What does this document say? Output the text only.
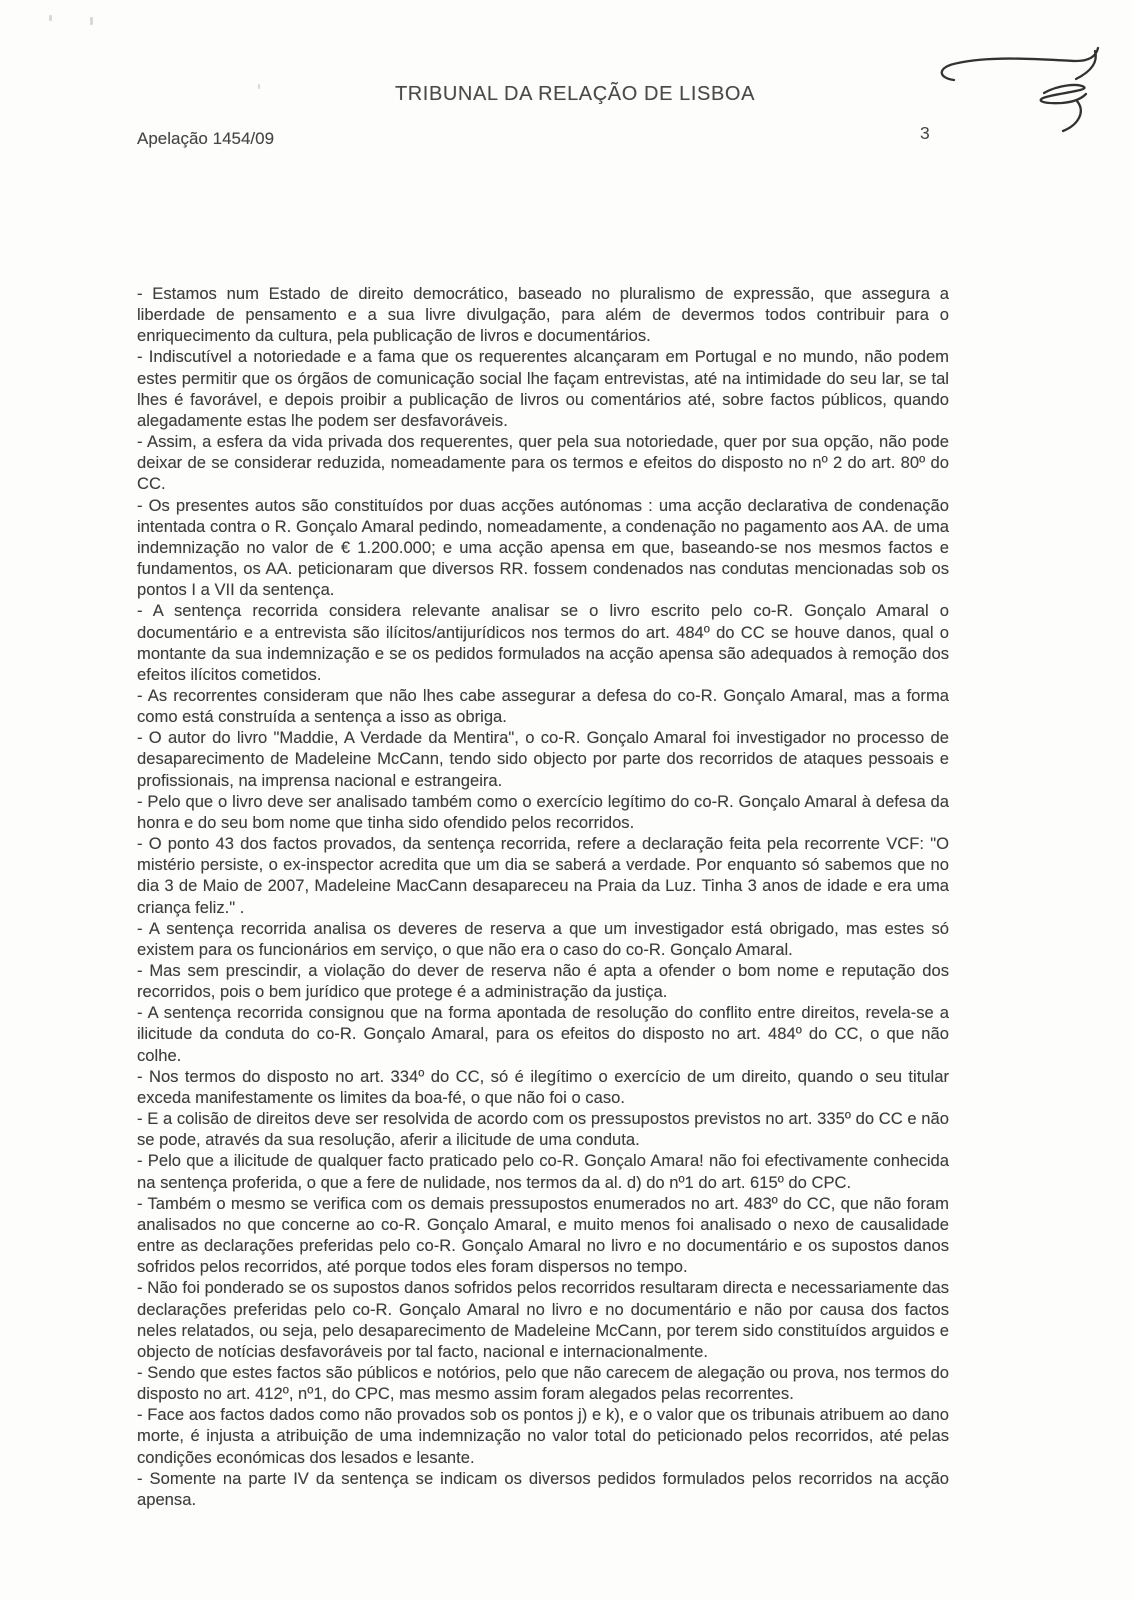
TRIBUNAL DA RELAÇÃO DE LISBOA
Apelação 1454/09	3

- Estamos num Estado de direito democrático, baseado no pluralismo de expressão, que assegura a liberdade de pensamento e a sua livre divulgação, para além de devermos todos contribuir para o enriquecimento da cultura, pela publicação de livros e documentários.

- Indiscutível a notoriedade e a fama que os requerentes alcançaram em Portugal e no mundo, não podem estes permitir que os órgãos de comunicação social lhe façam entrevistas, até na intimidade do seu lar, se tal lhes é favorável, e depois proibir a publicação de livros ou comentários até, sobre factos públicos, quando alegadamente estas lhe podem ser desfavoráveis.

- Assim, a esfera da vida privada dos requerentes, quer pela sua notoriedade, quer por sua opção, não pode deixar de se considerar reduzida, nomeadamente para os termos e efeitos do disposto no nº 2 do art. 80º do CC.

- Os presentes autos são constituídos por duas acções autónomas : uma acção declarativa de condenação intentada contra o R. Gonçalo Amaral pedindo, nomeadamente, a condenação no pagamento aos AA. de uma indemnização no valor de € 1.200.000; e uma acção apensa em que, baseando-se nos mesmos factos e fundamentos, os AA. peticionaram que diversos RR. fossem condenados nas condutas mencionadas sob os pontos I a VII da sentença.

- A sentença recorrida considera relevante analisar se o livro escrito pelo co-R. Gonçalo Amaral o documentário e a entrevista são ilícitos/antijurídicos nos termos do art. 484º do CC se houve danos, qual o montante da sua indemnização e se os pedidos formulados na acção apensa são adequados à remoção dos efeitos ilícitos cometidos.

- As recorrentes consideram que não lhes cabe assegurar a defesa do co-R. Gonçalo Amaral, mas a forma como está construída a sentença a isso as obriga.

- O autor do livro "Maddie, A Verdade da Mentira", o co-R. Gonçalo Amaral foi investigador no processo de desaparecimento de Madeleine McCann, tendo sido objecto por parte dos recorridos de ataques pessoais e profissionais, na imprensa nacional e estrangeira.

- Pelo que o livro deve ser analisado também como o exercício legítimo do co-R. Gonçalo Amaral à defesa da honra e do seu bom nome que tinha sido ofendido pelos recorridos.

- O ponto 43 dos factos provados, da sentença recorrida, refere a declaração feita pela recorrente VCF: "O mistério persiste, o ex-inspector acredita que um dia se saberá a verdade. Por enquanto só sabemos que no dia 3 de Maio de 2007, Madeleine MacCann desapareceu na Praia da Luz. Tinha 3 anos de idade e era uma criança feliz." .

- A sentença recorrida analisa os deveres de reserva a que um investigador está obrigado, mas estes só existem para os funcionários em serviço, o que não era o caso do co-R. Gonçalo Amaral.

- Mas sem prescindir, a violação do dever de reserva não é apta a ofender o bom nome e reputação dos recorridos, pois o bem jurídico que protege é a administração da justiça.

- A sentença recorrida consignou que na forma apontada de resolução do conflito entre direitos, revela-se a ilicitude da conduta do co-R. Gonçalo Amaral, para os efeitos do disposto no art. 484º do CC, o que não colhe.

- Nos termos do disposto no art. 334º do CC, só é ilegítimo o exercício de um direito, quando o seu titular exceda manifestamente os limites da boa-fé, o que não foi o caso.

- E a colisão de direitos deve ser resolvida de acordo com os pressupostos previstos no art. 335º do CC e não se pode, através da sua resolução, aferir a ilicitude de uma conduta.

- Pelo que a ilicitude de qualquer facto praticado pelo co-R. Gonçalo Amara! não foi efectivamente conhecida na sentença proferida, o que a fere de nulidade, nos termos da al. d) do nº1 do art. 615º do CPC.

- Também o mesmo se verifica com os demais pressupostos enumerados no art. 483º do CC, que não foram analisados no que concerne ao co-R. Gonçalo Amaral, e muito menos foi analisado o nexo de causalidade entre as declarações preferidas pelo co-R. Gonçalo Amaral no livro e no documentário e os supostos danos sofridos pelos recorridos, até porque todos eles foram dispersos no tempo.

- Não foi ponderado se os supostos danos sofridos pelos recorridos resultaram directa e necessariamente das declarações preferidas pelo co-R. Gonçalo Amaral no livro e no documentário e não por causa dos factos neles relatados, ou seja, pelo desaparecimento de Madeleine McCann, por terem sido constituídos arguidos e objecto de notícias desfavoráveis por tal facto, nacional e internacionalmente.

- Sendo que estes factos são públicos e notórios, pelo que não carecem de alegação ou prova, nos termos do disposto no art. 412º, nº1, do CPC, mas mesmo assim foram alegados pelas recorrentes.

- Face aos factos dados como não provados sob os pontos j) e k), e o valor que os tribunais atribuem ao dano morte, é injusta a atribuição de uma indemnização no valor total do peticionado pelos recorridos, até pelas condições económicas dos lesados e lesante.

- Somente na parte IV da sentença se indicam os diversos pedidos formulados pelos recorridos na acção apensa.
